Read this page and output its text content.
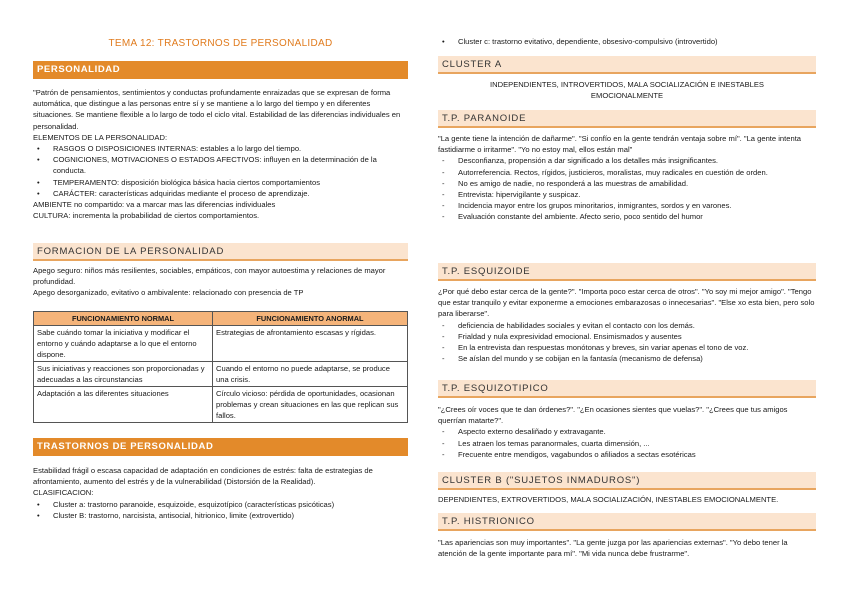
TEMA 12: TRASTORNOS DE PERSONALIDAD
PERSONALIDAD

"Patrón de pensamientos, sentimientos y conductas profundamente enraizadas que se expresan de forma automática, que distingue a las personas entre sí y se mantiene a lo largo del tiempo y en diferentes situaciones. Se mantiene flexible a lo largo de todo el ciclo vital. Estabilidad de las diferencias individuales en personalidad.

ELEMENTOS DE LA PERSONALIDAD:

• RASGOS O DISPOSICIONES INTERNAS: estables a lo largo del tiempo.
• COGNICIONES, MOTIVACIONES O ESTADOS AFECTIVOS: influyen en la determinación de la conducta.
• TEMPERAMENTO: disposición biológica básica hacia ciertos comportamientos
• CARÁCTER: características adquiridas mediante el proceso de aprendizaje.

AMBIENTE no compartido: va a marcar mas las diferencias individuales

CULTURA: incrementa la probabilidad de ciertos comportamientos.

FORMACION DE LA PERSONALIDAD

Apego seguro: niños más resilientes, sociables, empáticos, con mayor autoestima y relaciones de mayor profundidad.

Apego desorganizado, evitativo o ambivalente: relacionado con presencia de TP

FUNCIONAMIENTO NORMAL	FUNCIONAMIENTO ANORMAL
Sabe cuándo tomar la iniciativa y modificar el entorno y cuándo adaptarse a lo que el entorno dispone.	Estrategias de afrontamiento escasas y rígidas.
Sus iniciativas y reacciones son proporcionadas y adecuadas a las circunstancias	Cuando el entorno no puede adaptarse, se produce una crisis.
Adaptación a las diferentes situaciones	Círculo vicioso: pérdida de oportunidades, ocasionan problemas y crean situaciones en las que replican sus fallos.
TRASTORNOS DE PERSONALIDAD

Estabilidad frágil o escasa capacidad de adaptación en condiciones de estrés: falta de estrategias de afrontamiento, aumento del estrés y de la vulnerabilidad (Distorsión de la Realidad).

CLASIFICACION:

• Cluster a: trastorno paranoide, esquizoide, esquizotípico (características psicóticas)
• Cluster B: trastorno, narcisista, antisocial, hitrionico, limite (extrovertido)
• Cluster c: trastorno evitativo, dependiente, obsesivo-compulsivo (introvertido)
CLUSTER A
INDEPENDIENTES, INTROVERTIDOS, MALA SOCIALIZACIÓN E INESTABLES EMOCIONALMENTE
T.P. PARANOIDE

"La gente tiene la intención de dañarme". "Si confío en la gente tendrán ventaja sobre mí". "La gente intenta fastidiarme o irritarme". "Yo no estoy mal, ellos están mal"

- Desconfianza, propensión a dar significado a los detalles más insignificantes.
- Autorreferencia. Rectos, rígidos, justicieros, moralistas, muy radicales en cuestión de orden.
- No es amigo de nadie, no responderá a las muestras de amabilidad.
- Entrevista: hipervigilante y suspicaz.
- Incidencia mayor entre los grupos minoritarios, inmigrantes, sordos y en varones.
- Evaluación constante del ambiente. Afecto serio, poco sentido del humor
T.P. ESQUIZOIDE

¿Por qué debo estar cerca de la gente?". "Importa poco estar cerca de otros". "Yo soy mi mejor amigo". "Tengo que estar tranquilo y evitar exponerme a emociones embarazosas o innecesarias". "Else xo esta bien, pero solo para liberarse".

- deficiencia de habilidades sociales y evitan el contacto con los demás.
- Frialdad y nula expresividad emocional. Ensimismados y ausentes
- En la entrevista dan respuestas monótonas y breves, sin variar apenas el tono de voz.
- Se aíslan del mundo y se cobijan en la fantasía (mecanismo de defensa)
T.P. ESQUIZOTIPICO

"¿Crees oír voces que te dan órdenes?". "¿En ocasiones sientes que vuelas?". "¿Crees que tus amigos querrían matarte?".

- Aspecto externo desaliñado y extravagante.
- Les atraen los temas paranormales, cuarta dimensión, ...
- Frecuente entre mendigos, vagabundos o afiliados a sectas esotéricas
CLUSTER B ("SUJETOS INMADUROS")
DEPENDIENTES, EXTROVERTIDOS, MALA SOCIALIZACIÓN, INESTABLES EMOCIONALMENTE.
T.P. HISTRIONICO
"Las apariencias son muy importantes". "La gente juzga por las apariencias externas". "Yo debo tener la atención de la gente importante para mí". "Mi vida nunca debe frustrarme".
